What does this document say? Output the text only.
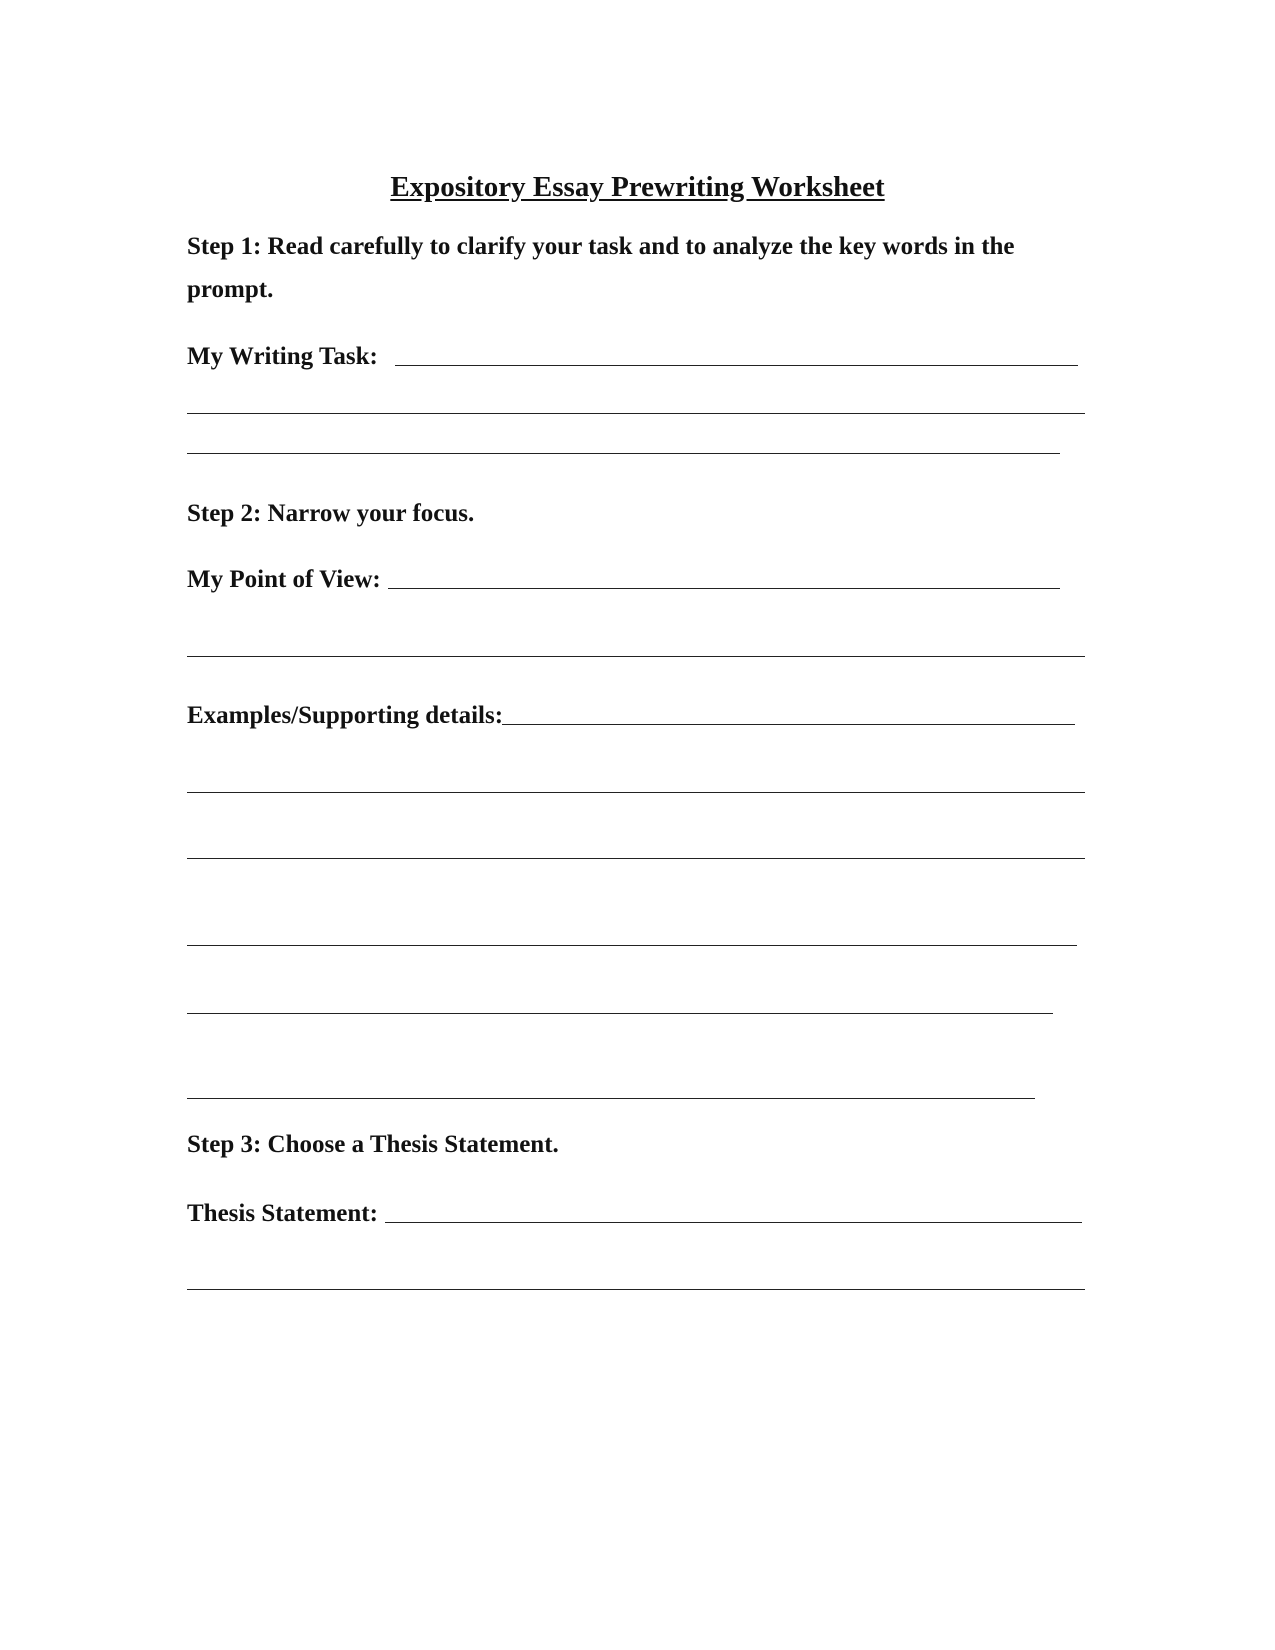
Expository Essay Prewriting Worksheet
Step 1: Read carefully to clarify your task and to analyze the key words in the
prompt.
My Writing Task:
Step 2: Narrow your focus.
My Point of View:
Examples/Supporting details:
Step 3: Choose a Thesis Statement.
Thesis Statement:
